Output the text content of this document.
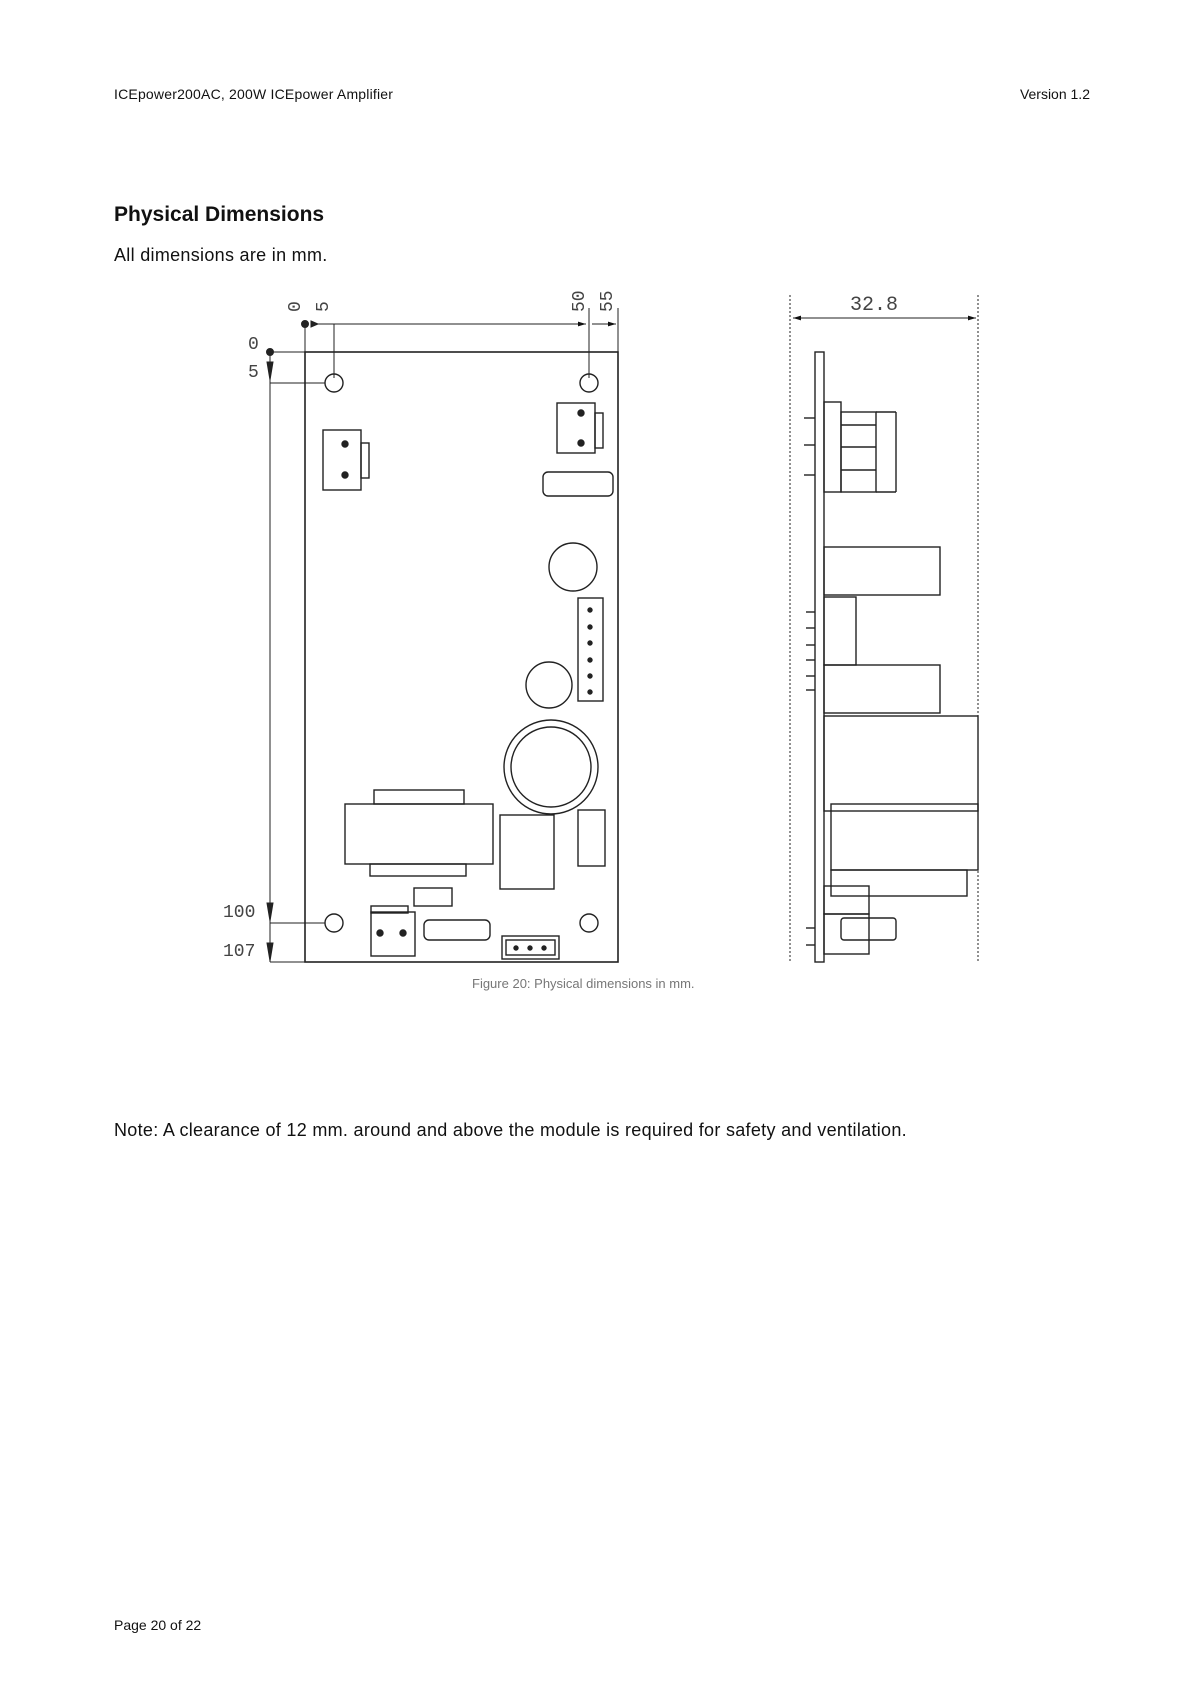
ICEpower200AC, 200W ICEpower Amplifier	Version 1.2
Physical Dimensions
All dimensions are in mm.
0 5	50 55
0
5
100
107
32.8
Figure 20: Physical dimensions in mm.
Note: A clearance of 12 mm. around and above the module is required for safety and ventilation.
Page 20 of 22
